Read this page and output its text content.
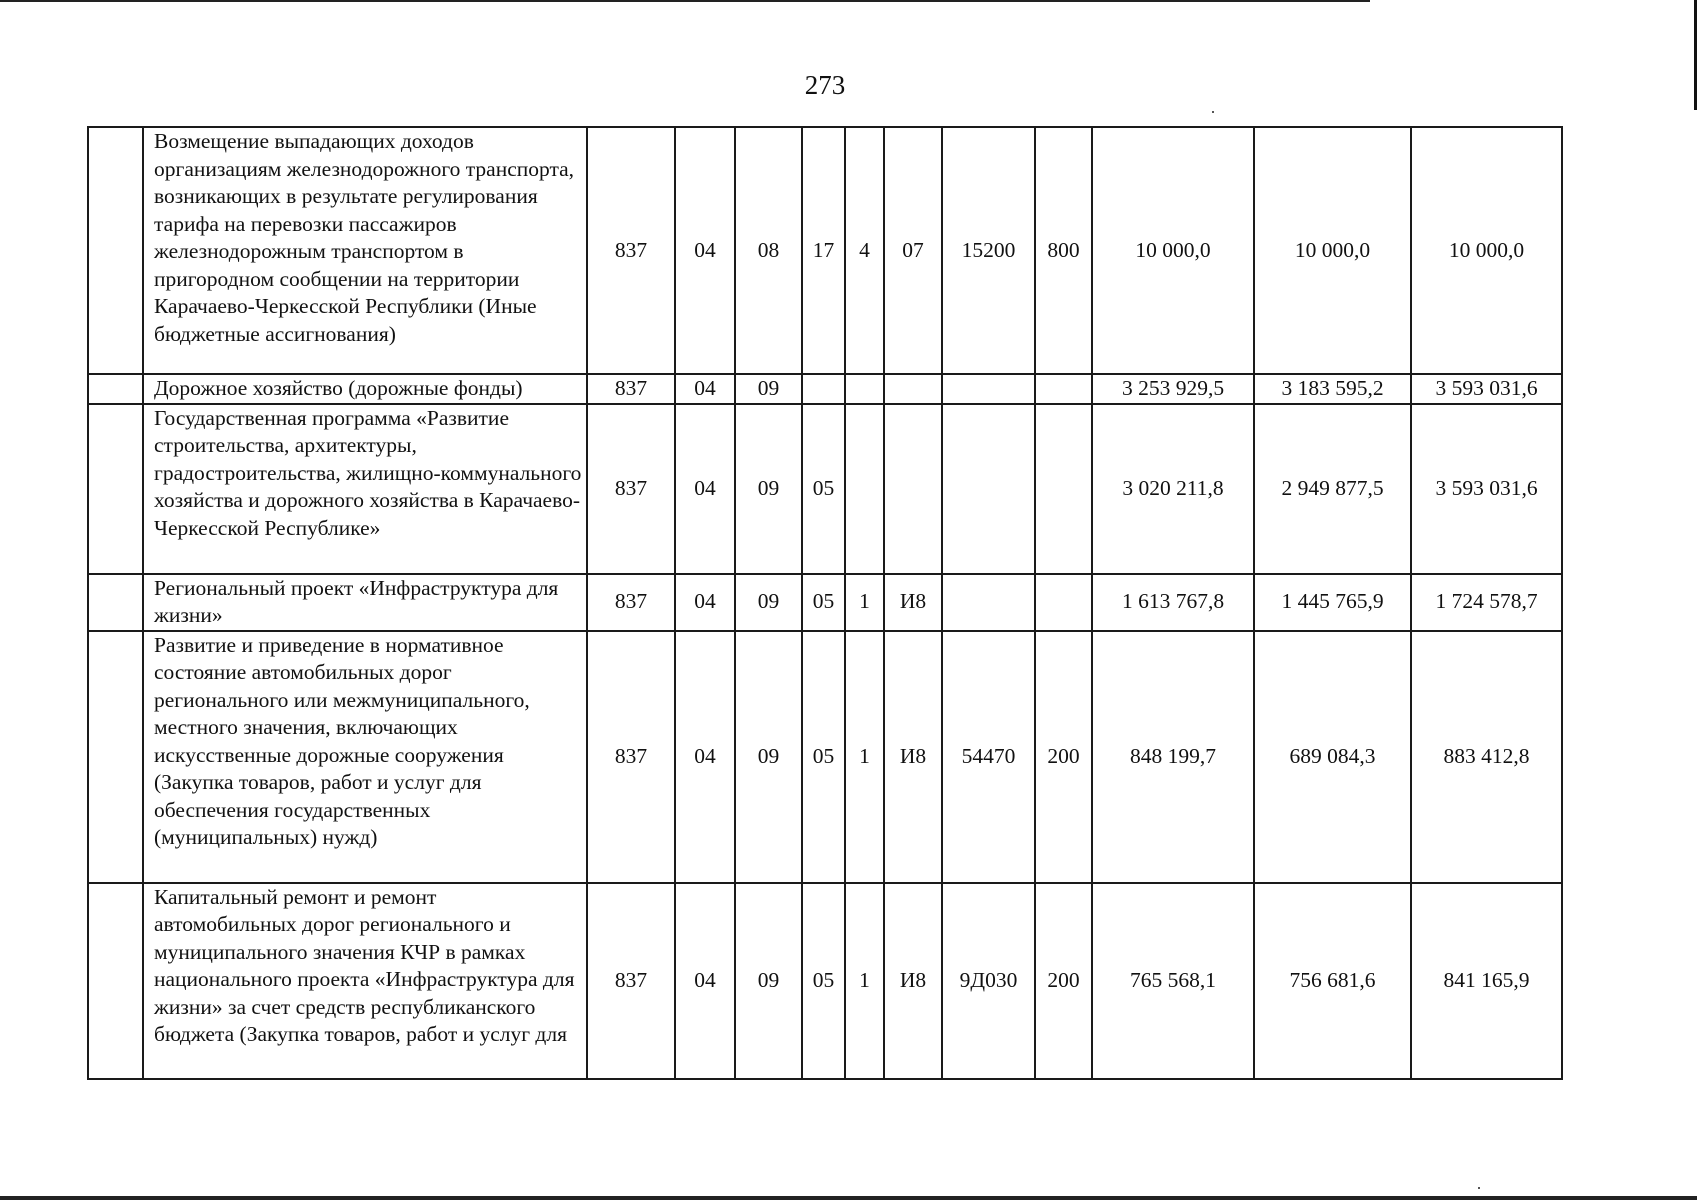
273
	Возмещение выпадающих доходов организациям железнодорожного транспорта, возникающих в результате регулирования тарифа на перевозки пассажиров железнодорожным транспортом в пригородном сообщении на территории Карачаево-Черкесской Республики (Иные бюджетные ассигнования)	837	04	08	17	4	07	15200	800	10 000,0	10 000,0	10 000,0
	Дорожное хозяйство (дорожные фонды)	837	04	09						3 253 929,5	3 183 595,2	3 593 031,6
	Государственная программа «Развитие строительства, архитектуры, градостроительства, жилищно-коммунального хозяйства и дорожного хозяйства в Карачаево-Черкесской Республике»	837	04	09	05					3 020 211,8	2 949 877,5	3 593 031,6
	Региональный проект «Инфраструктура для жизни»	837	04	09	05	1	И8			1 613 767,8	1 445 765,9	1 724 578,7
	Развитие и приведение в нормативное состояние автомобильных дорог регионального или межмуниципального, местного значения, включающих искусственные дорожные сооружения (Закупка товаров, работ и услуг для обеспечения государственных (муниципальных) нужд)	837	04	09	05	1	И8	54470	200	848 199,7	689 084,3	883 412,8
	Капитальный ремонт и ремонт автомобильных дорог регионального и муниципального значения КЧР в рамках национального проекта «Инфраструктура для жизни» за счет средств республиканского бюджета (Закупка товаров, работ и услуг для	837	04	09	05	1	И8	9Д030	200	765 568,1	756 681,6	841 165,9
